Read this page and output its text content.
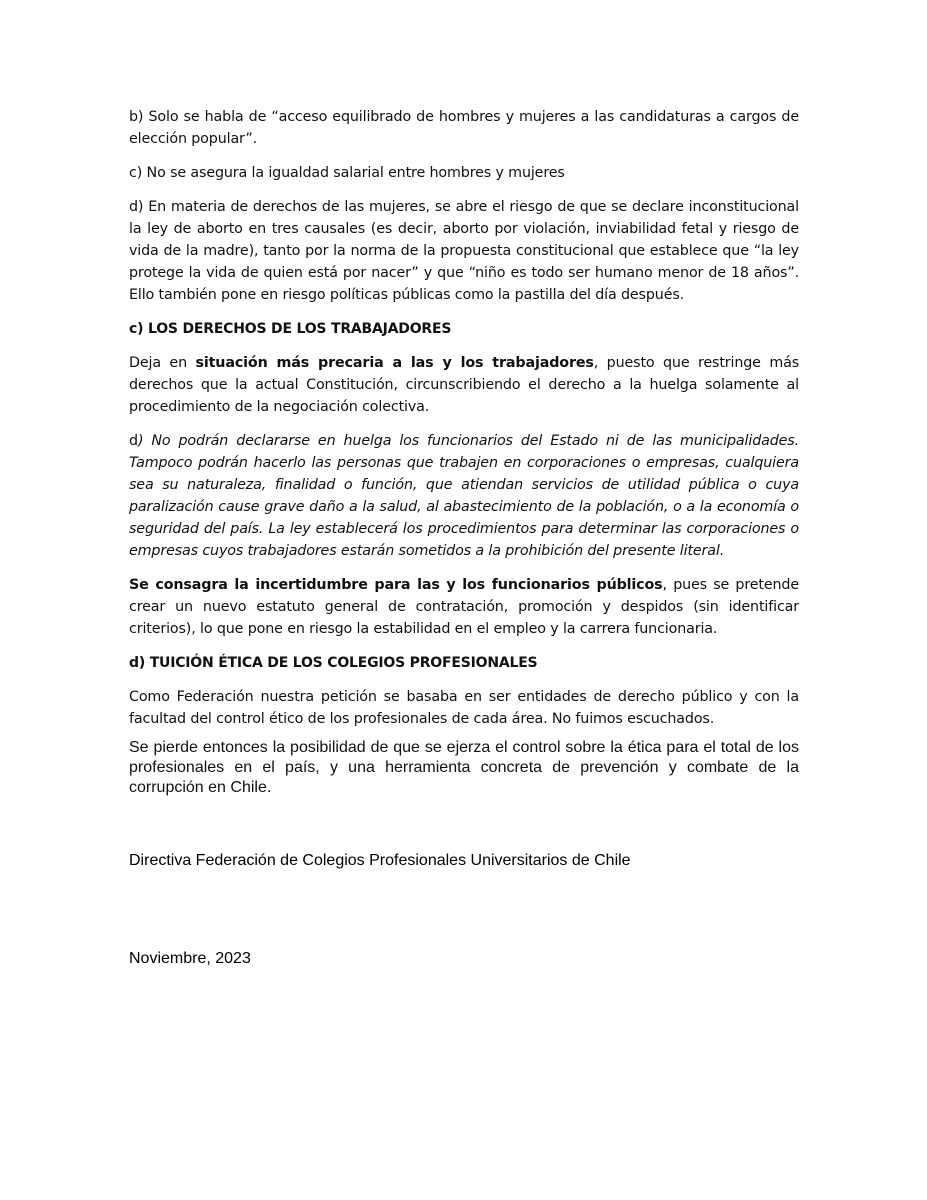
b) Solo se habla de “acceso equilibrado de hombres y mujeres a las candidaturas a cargos de elección popular”.

c) No se asegura la igualdad salarial entre hombres y mujeres

d) En materia de derechos de las mujeres, se abre el riesgo de que se declare inconstitucional la ley de aborto en tres causales (es decir, aborto por violación, inviabilidad fetal y riesgo de vida de la madre), tanto por la norma de la propuesta constitucional que establece que “la ley protege la vida de quien está por nacer” y que “niño es todo ser humano menor de 18 años”. Ello también pone en riesgo políticas públicas como la pastilla del día después.

c) LOS DERECHOS DE LOS TRABAJADORES

Deja en situación más precaria a las y los trabajadores, puesto que restringe más derechos que la actual Constitución, circunscribiendo el derecho a la huelga solamente al procedimiento de la negociación colectiva.

d) No podrán declararse en huelga los funcionarios del Estado ni de las municipalidades. Tampoco podrán hacerlo las personas que trabajen en corporaciones o empresas, cualquiera sea su naturaleza, finalidad o función, que atiendan servicios de utilidad pública o cuya paralización cause grave daño a la salud, al abastecimiento de la población, o a la economía o seguridad del país. La ley establecerá los procedimientos para determinar las corporaciones o empresas cuyos trabajadores estarán sometidos a la prohibición del presente literal.

Se consagra la incertidumbre para las y los funcionarios públicos, pues se pretende crear un nuevo estatuto general de contratación, promoción y despidos (sin identificar criterios), lo que pone en riesgo la estabilidad en el empleo y la carrera funcionaria.

d) TUICIÓN ÉTICA DE LOS COLEGIOS PROFESIONALES

Como Federación nuestra petición se basaba en ser entidades de derecho público y con la facultad del control ético de los profesionales de cada área. No fuimos escuchados.

Se pierde entonces la posibilidad de que se ejerza el control sobre la ética para el total de los profesionales en el país, y una herramienta concreta de prevención y combate de la corrupción en Chile.

Directiva Federación de Colegios Profesionales Universitarios de Chile
Noviembre, 2023
